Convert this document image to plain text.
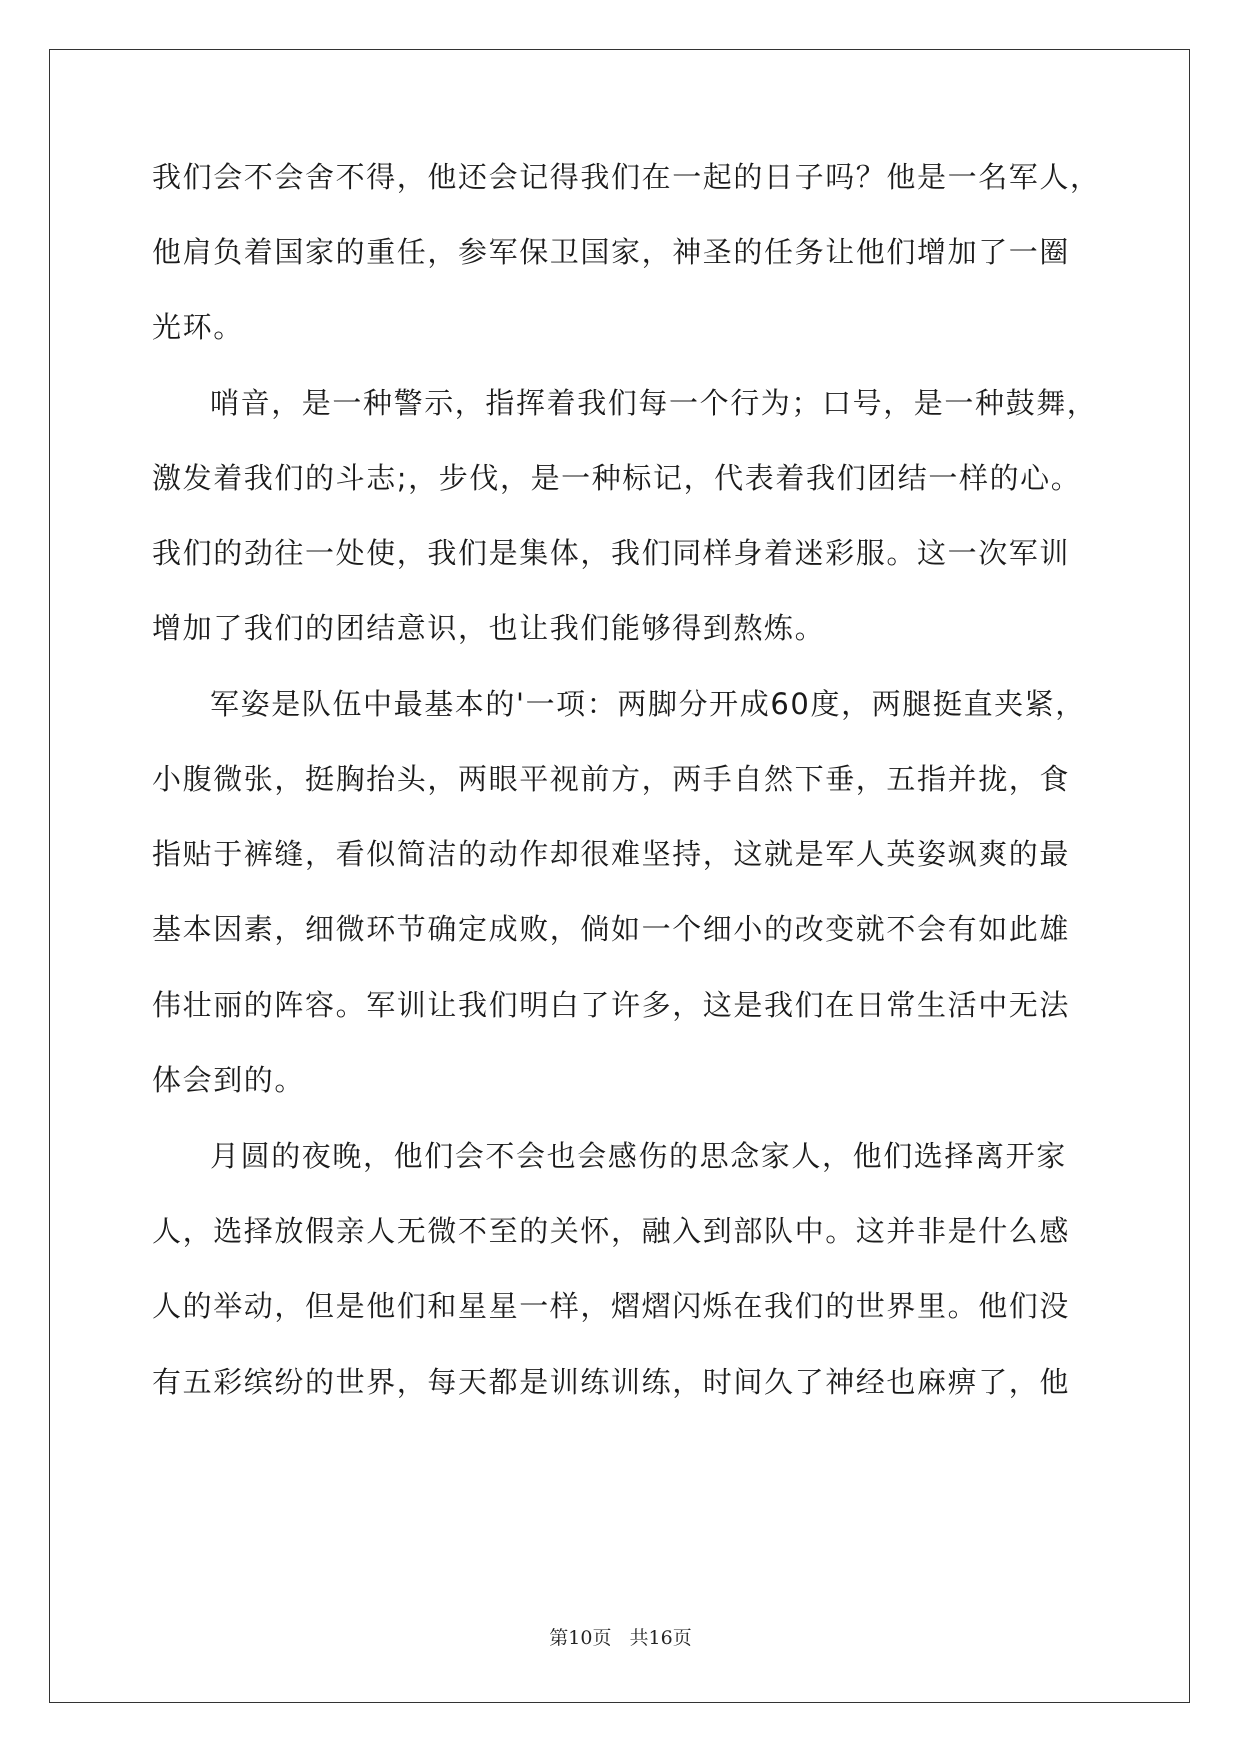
我们会不会舍不得，他还会记得我们在一起的日子吗？他是一名军人，

他肩负着国家的重任，参军保卫国家，神圣的任务让他们增加了一圈

光环。

哨音，是一种警示，指挥着我们每一个行为；口号，是一种鼓舞，

激发着我们的斗志;，步伐，是一种标记，代表着我们团结一样的心。

我们的劲往一处使，我们是集体，我们同样身着迷彩服。这一次军训

增加了我们的团结意识，也让我们能够得到熬炼。

军姿是队伍中最基本的'一项：两脚分开成60度，两腿挺直夹紧，

小腹微张，挺胸抬头，两眼平视前方，两手自然下垂，五指并拢，食

指贴于裤缝，看似简洁的动作却很难坚持，这就是军人英姿飒爽的最

基本因素，细微环节确定成败，倘如一个细小的改变就不会有如此雄

伟壮丽的阵容。军训让我们明白了许多，这是我们在日常生活中无法

体会到的。

月圆的夜晚，他们会不会也会感伤的思念家人，他们选择离开家

人，选择放假亲人无微不至的关怀，融入到部队中。这并非是什么感

人的举动，但是他们和星星一样，熠熠闪烁在我们的世界里。他们没

有五彩缤纷的世界，每天都是训练训练，时间久了神经也麻痹了，他

第10页 共16页
